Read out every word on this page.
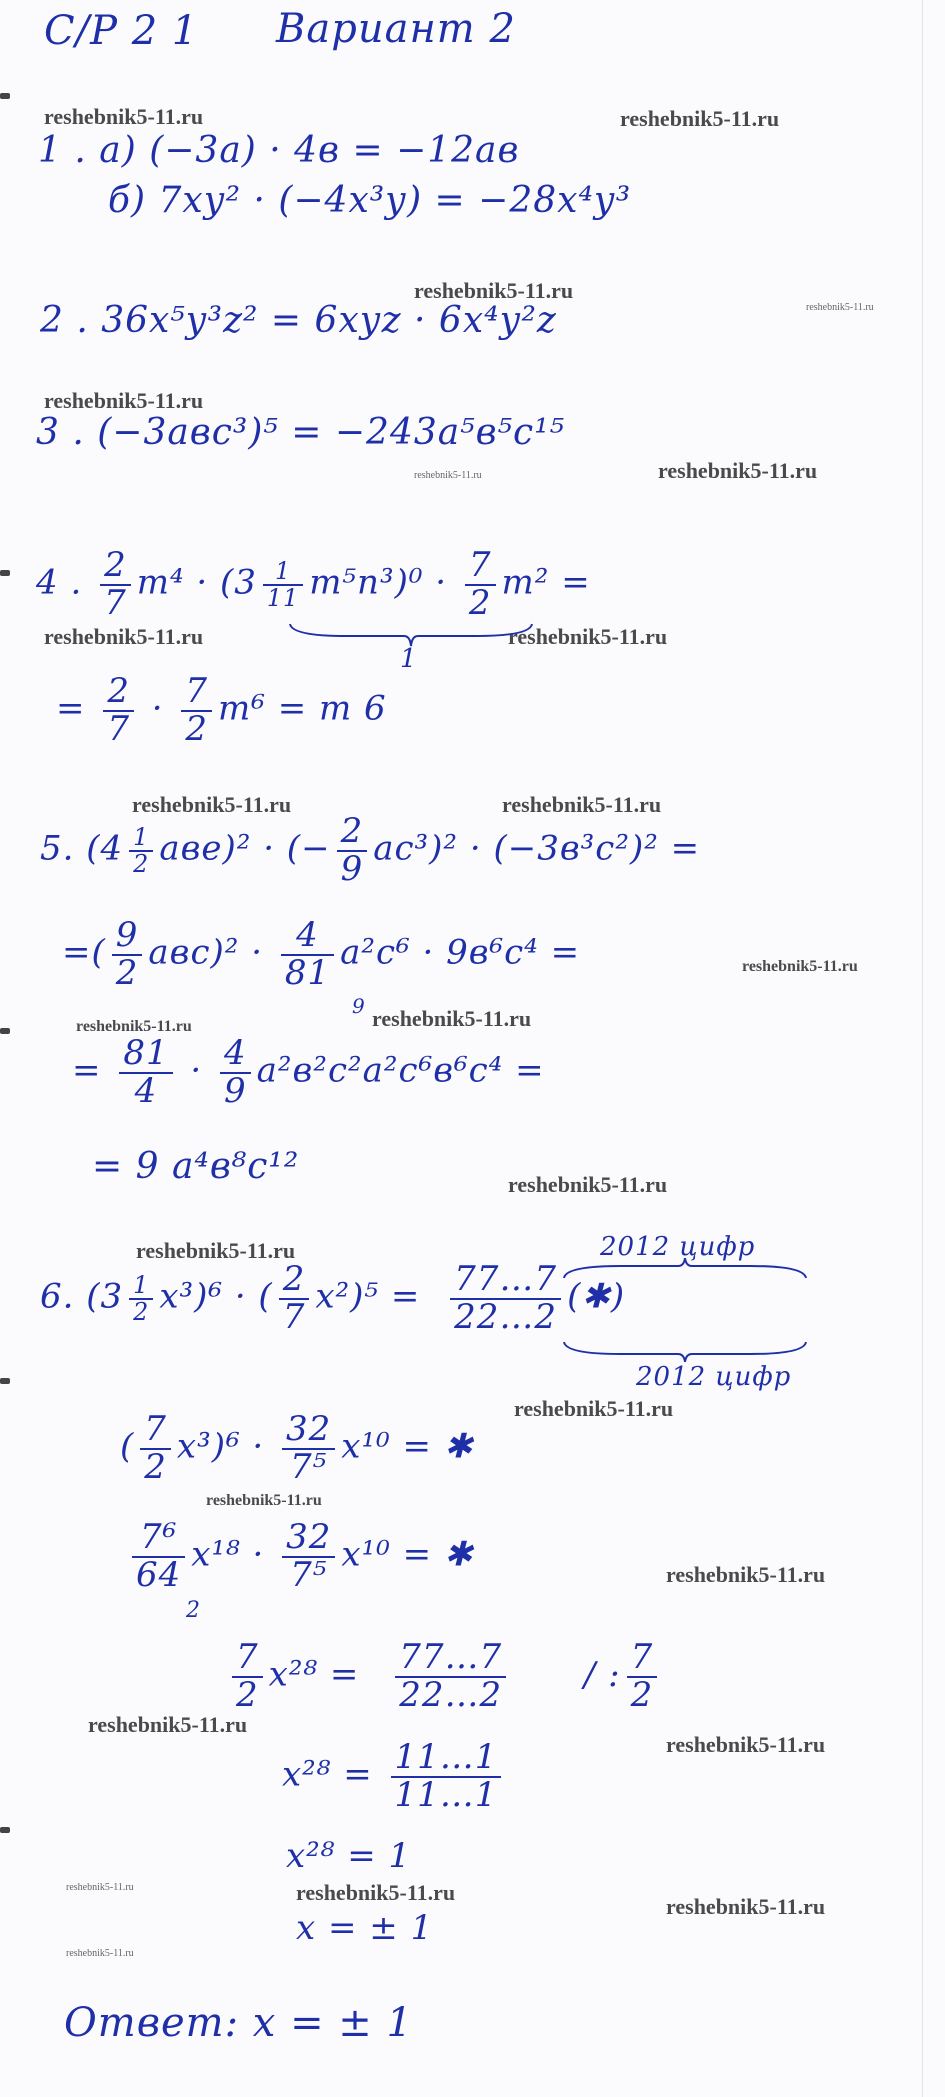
С/Р 2 1 Вариант 2
reshebnik5-11.ru	reshebnik5-11.ru
reshebnik5-11.ru
reshebnik5-11.ru
reshebnik5-11.ru
reshebnik5-11.ru	reshebnik5-11.ru
reshebnik5-11.ru	reshebnik5-11.ru
reshebnik5-11.ru	reshebnik5-11.ru
reshebnik5-11.ru
reshebnik5-11.ru	reshebnik5-11.ru
reshebnik5-11.ru
reshebnik5-11.ru
reshebnik5-11.ru
reshebnik5-11.ru
reshebnik5-11.ru
reshebnik5-11.ru
reshebnik5-11.ru
reshebnik5-11.ru	reshebnik5-11.ru
reshebnik5-11.ru
reshebnik5-11.ru
1 . а) (−3а) · 4в = −12ав
б) 7ху² · (−4х³у) = −28х⁴у³
2 . 36х⁵у³z² = 6хуz · 6х⁴у²z
3 . (−3авс³)⁵ = −243а⁵в⁵с¹⁵
4 . $\frac{2}{7} m^4 \cdot (3 \frac{1}{11} m^5n^3)^0 \cdot \frac{7}{2} m^2$ =
1
= $\frac{2}{7} \cdot \frac{7}{2} m^6 = m$ 6
5. $(4 \frac{1}{2} аве)^2$ · (− $\frac{2}{9} ас^3)^2 \cdot (-3в^3с^2)^2$ =
=( $\frac{9}{2} авс)^2 \cdot \frac{4}{81} а^2с^6 \cdot 9в^6с^4$ =
9
= $\frac{81}{4} \cdot \frac{4}{9} а^2в^2с^2а^2с^6в^6с^4$ =
= 9 а⁴в⁸с¹²
2012 цифр
6. $(3 \frac{1}{2} х^3)^6$ · ( $\frac{2}{7} х^2)^5 = \frac{77\dots 7}{22\dots 2}$ (✱)
2012 цифр
( $\frac{7}{2} х^3)^6 \cdot \frac{32}{\text{7⁵}} х^{10}$ = ✱
$\frac{\text{7⁶}}{64} х^{18} \cdot \frac{32}{\text{7⁵}} х^{10}$ = ✱
2
$\frac{7}{2} х^{28} = \frac{77\dots 7}{22\dots 2}$ / : $\frac{7}{2}$
$х^{28} = \frac{11\dots 1}{11\dots 1}$
х²⁸ = 1
х = ± 1
Ответ: х = ± 1
